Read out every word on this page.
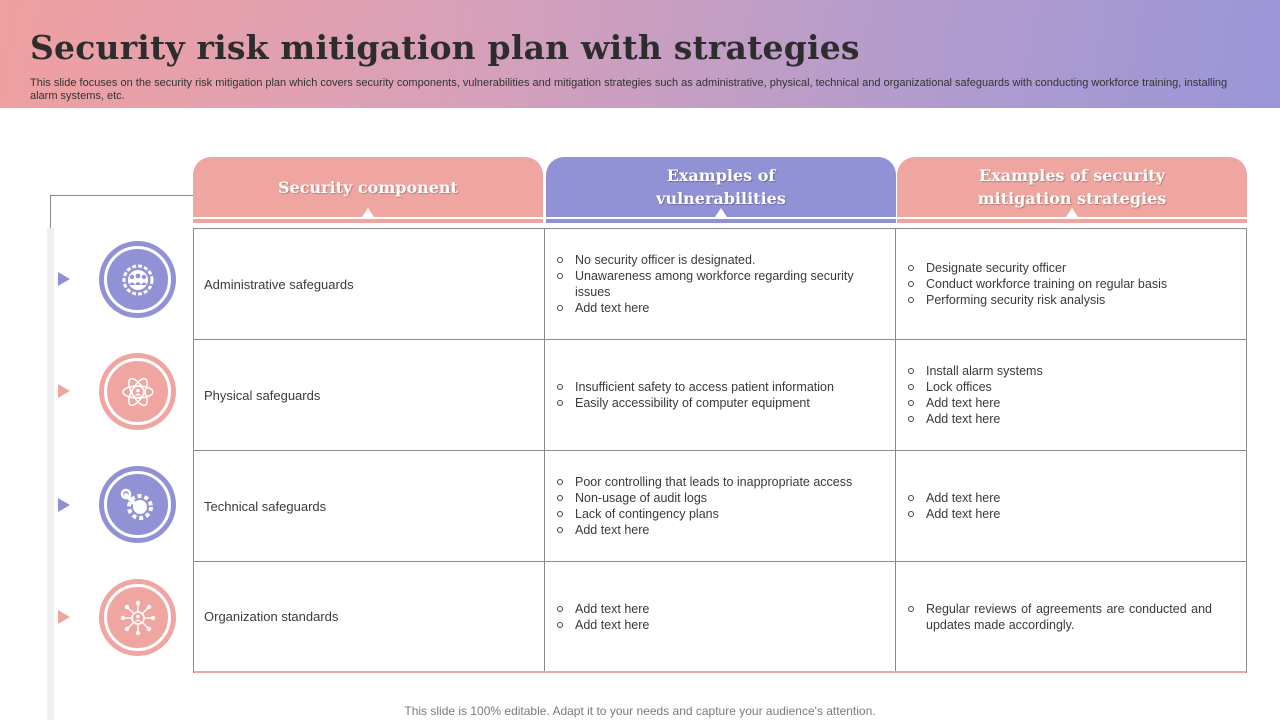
Security risk mitigation plan with strategies
This slide focuses on the security risk mitigation plan which covers security components, vulnerabilities and mitigation strategies such as administrative, physical, technical and organizational safeguards with conducting workforce training, installing alarm systems, etc.
Security component
Examples of vulnerabilities
Examples of security mitigation strategies
Administrative safeguards
No security officer is designated.
Unawareness among workforce regarding security issues
Add text here
Designate security officer
Conduct workforce training on regular basis
Performing security risk analysis
Physical safeguards
Insufficient safety to access patient information
Easily accessibility of computer equipment
Install alarm systems
Lock offices
Add text here
Add text here
Technical safeguards
Poor controlling that leads to inappropriate access
Non-usage of audit logs
Lack of contingency plans
Add text here
Add text here
Add text here
Organization standards
Add text here
Add text here
Regular reviews of agreements are conducted and updates made accordingly.
This slide is 100% editable. Adapt it to your needs and capture your audience's attention.
